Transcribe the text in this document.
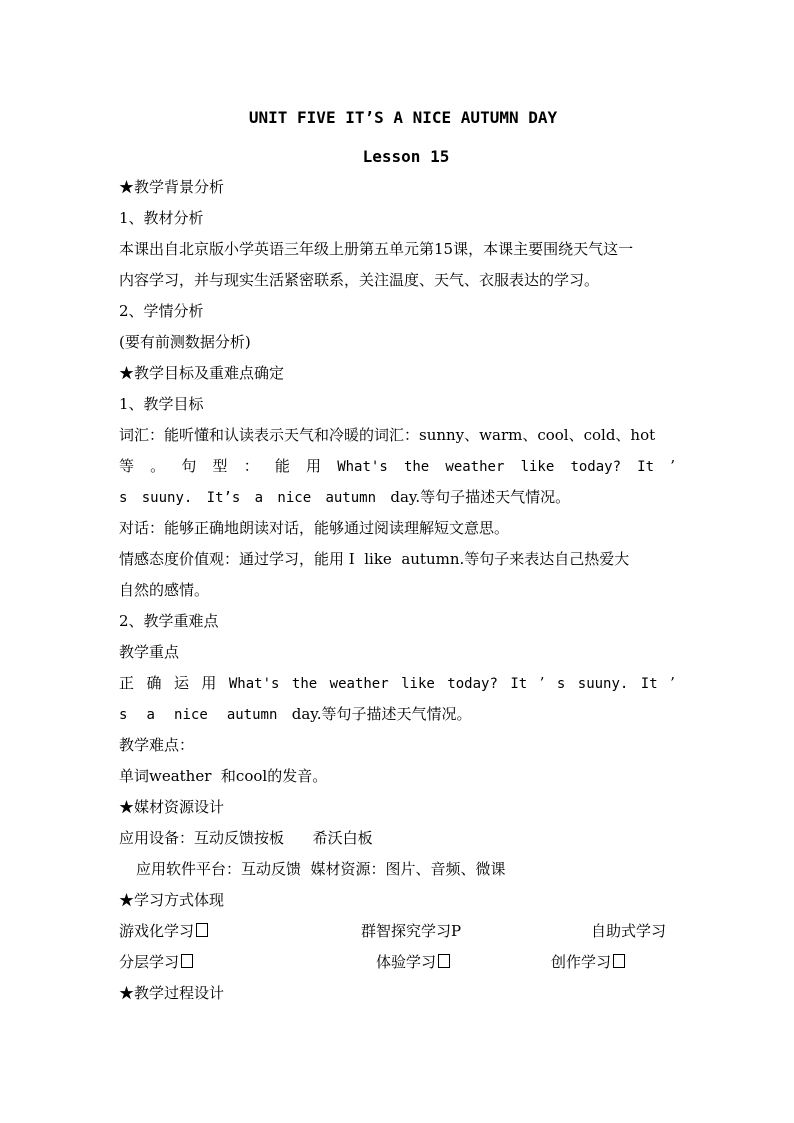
UNIT FIVE IT’S A NICE AUTUMN DAY
Lesson 15
★教学背景分析
1、教材分析
本课出自北京版小学英语三年级上册第五单元第15课，本课主要围绕天气这一
内容学习，并与现实生活紧密联系，关注温度、天气、衣服表达的学习。
2、学情分析
(要有前测数据分析)
★教学目标及重难点确定
1、教学目标
词汇：能听懂和认读表示天气和冷暖的词汇：sunny、warm、cool、cold、hot
等 。 句 型 ： 能 用 What's the weather like today? It ’
s suuny. It’s a nice autumn day.等句子描述天气情况。
对话：能够正确地朗读对话，能够通过阅读理解短文意思。
情感态度价值观：通过学习，能用 I  like  autumn.等句子来表达自己热爱大
自然的感情。
2、教学重难点
教学重点
正 确 运 用 What's the weather like today? It ’ s suuny. It ’
s a nice autumn day.等句子描述天气情况。
教学难点：
单词weather  和cool的发音。
★媒材资源设计
应用设备：互动反馈按板      希沃白板
应用软件平台：互动反馈  媒材资源：图片、音频、微课
★学习方式体现
游戏化学习	群智探究学习P	自助式学习
分层学习	体验学习	创作学习
★教学过程设计
